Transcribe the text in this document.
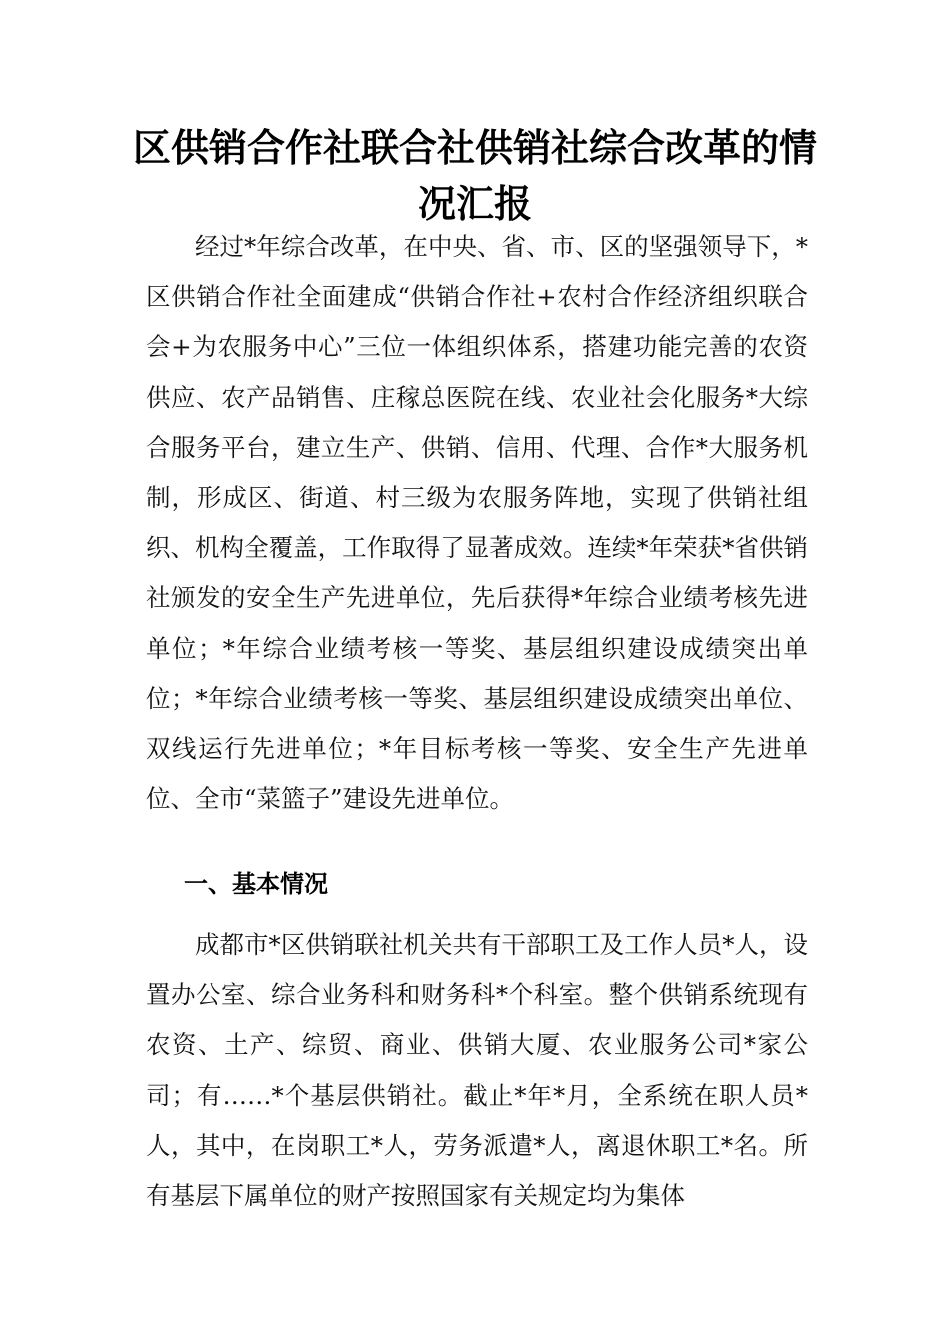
区供销合作社联合社供销社综合改革的情
况汇报

经过*年综合改革，在中央、省、市、区的坚强领导下，*区供销合作社全面建成“供销合作社+农村合作经济组织联合会+为农服务中心”三位一体组织体系，搭建功能完善的农资供应、农产品销售、庄稼总医院在线、农业社会化服务*大综合服务平台，建立生产、供销、信用、代理、合作*大服务机制，形成区、街道、村三级为农服务阵地，实现了供销社组织、机构全覆盖，工作取得了显著成效。连续*年荣获*省供销社颁发的安全生产先进单位，先后获得*年综合业绩考核先进单位；*年综合业绩考核一等奖、基层组织建设成绩突出单位；*年综合业绩考核一等奖、基层组织建设成绩突出单位、双线运行先进单位；*年目标考核一等奖、安全生产先进单位、全市“菜篮子”建设先进单位。

一、基本情况

成都市*区供销联社机关共有干部职工及工作人员*人，设置办公室、综合业务科和财务科*个科室。整个供销系统现有农资、土产、综贸、商业、供销大厦、农业服务公司*家公司；有……*个基层供销社。截止*年*月，全系统在职人员*人，其中，在岗职工*人，劳务派遣*人，离退休职工*名。所有基层下属单位的财产按照国家有关规定均为集体
